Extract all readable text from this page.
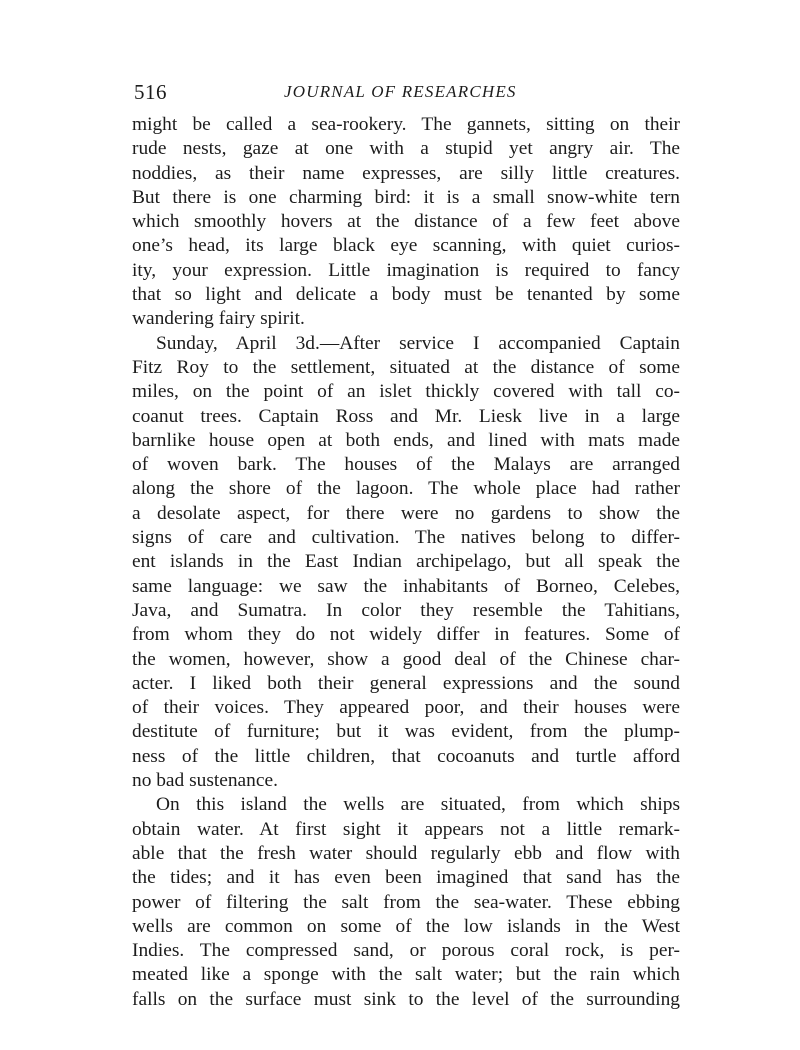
516	JOURNAL OF RESEARCHES
might be called a sea-rookery. The gannets, sitting on their
rude nests, gaze at one with a stupid yet angry air. The
noddies, as their name expresses, are silly little creatures.
But there is one charming bird: it is a small snow-white tern
which smoothly hovers at the distance of a few feet above
one’s head, its large black eye scanning, with quiet curios-
ity, your expression. Little imagination is required to fancy
that so light and delicate a body must be tenanted by some
wandering fairy spirit.
Sunday, April 3d.—After service I accompanied Captain
Fitz Roy to the settlement, situated at the distance of some
miles, on the point of an islet thickly covered with tall co-
coanut trees. Captain Ross and Mr. Liesk live in a large
barnlike house open at both ends, and lined with mats made
of woven bark. The houses of the Malays are arranged
along the shore of the lagoon. The whole place had rather
a desolate aspect, for there were no gardens to show the
signs of care and cultivation. The natives belong to differ-
ent islands in the East Indian archipelago, but all speak the
same language: we saw the inhabitants of Borneo, Celebes,
Java, and Sumatra. In color they resemble the Tahitians,
from whom they do not widely differ in features. Some of
the women, however, show a good deal of the Chinese char-
acter. I liked both their general expressions and the sound
of their voices. They appeared poor, and their houses were
destitute of furniture; but it was evident, from the plump-
ness of the little children, that cocoanuts and turtle afford
no bad sustenance.
On this island the wells are situated, from which ships
obtain water. At first sight it appears not a little remark-
able that the fresh water should regularly ebb and flow with
the tides; and it has even been imagined that sand has the
power of filtering the salt from the sea-water. These ebbing
wells are common on some of the low islands in the West
Indies. The compressed sand, or porous coral rock, is per-
meated like a sponge with the salt water; but the rain which
falls on the surface must sink to the level of the surrounding
